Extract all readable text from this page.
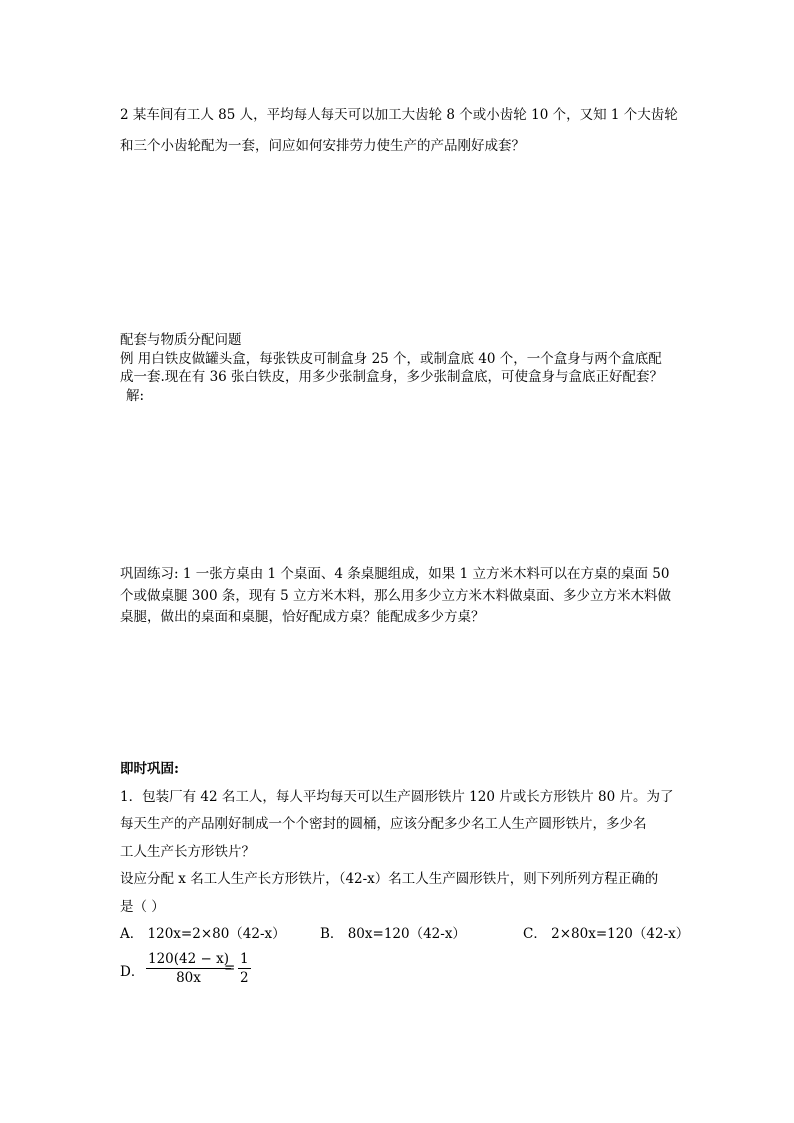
2 某车间有工人 85 人，平均每人每天可以加工大齿轮 8 个或小齿轮 10 个，又知 1 个大齿轮
和三个小齿轮配为一套，问应如何安排劳力使生产的产品刚好成套？
配套与物质分配问题
例 用白铁皮做罐头盒，每张铁皮可制盒身 25 个，或制盒底 40 个，一个盒身与两个盒底配
成一套.现在有 36 张白铁皮，用多少张制盒身，多少张制盒底，可使盒身与盒底正好配套？
解:
巩固练习: 1 一张方桌由 1 个桌面、4 条桌腿组成，如果 1 立方米木料可以在方桌的桌面 50
个或做桌腿 300 条，现有 5 立方米木料，那么用多少立方米木料做桌面、多少立方米木料做
桌腿，做出的桌面和桌腿，恰好配成方桌？能配成多少方桌？
即时巩固:
1．包装厂有 42 名工人，每人平均每天可以生产圆形铁片 120 片或长方形铁片 80 片。为了
每天生产的产品刚好制成一个个密封的圆桶，应该分配多少名工人生产圆形铁片，多少名
工人生产长方形铁片？
设应分配 x 名工人生产长方形铁片，（42-x）名工人生产圆形铁片，则下列所列方程正确的
是（ ）
A． 120x=2×80（42-x）	B． 80x=120（42-x）	C． 2×80x=120（42-x）
D． $\frac{120(42 - x)}{80x}$
= $\frac{1}{2}$
